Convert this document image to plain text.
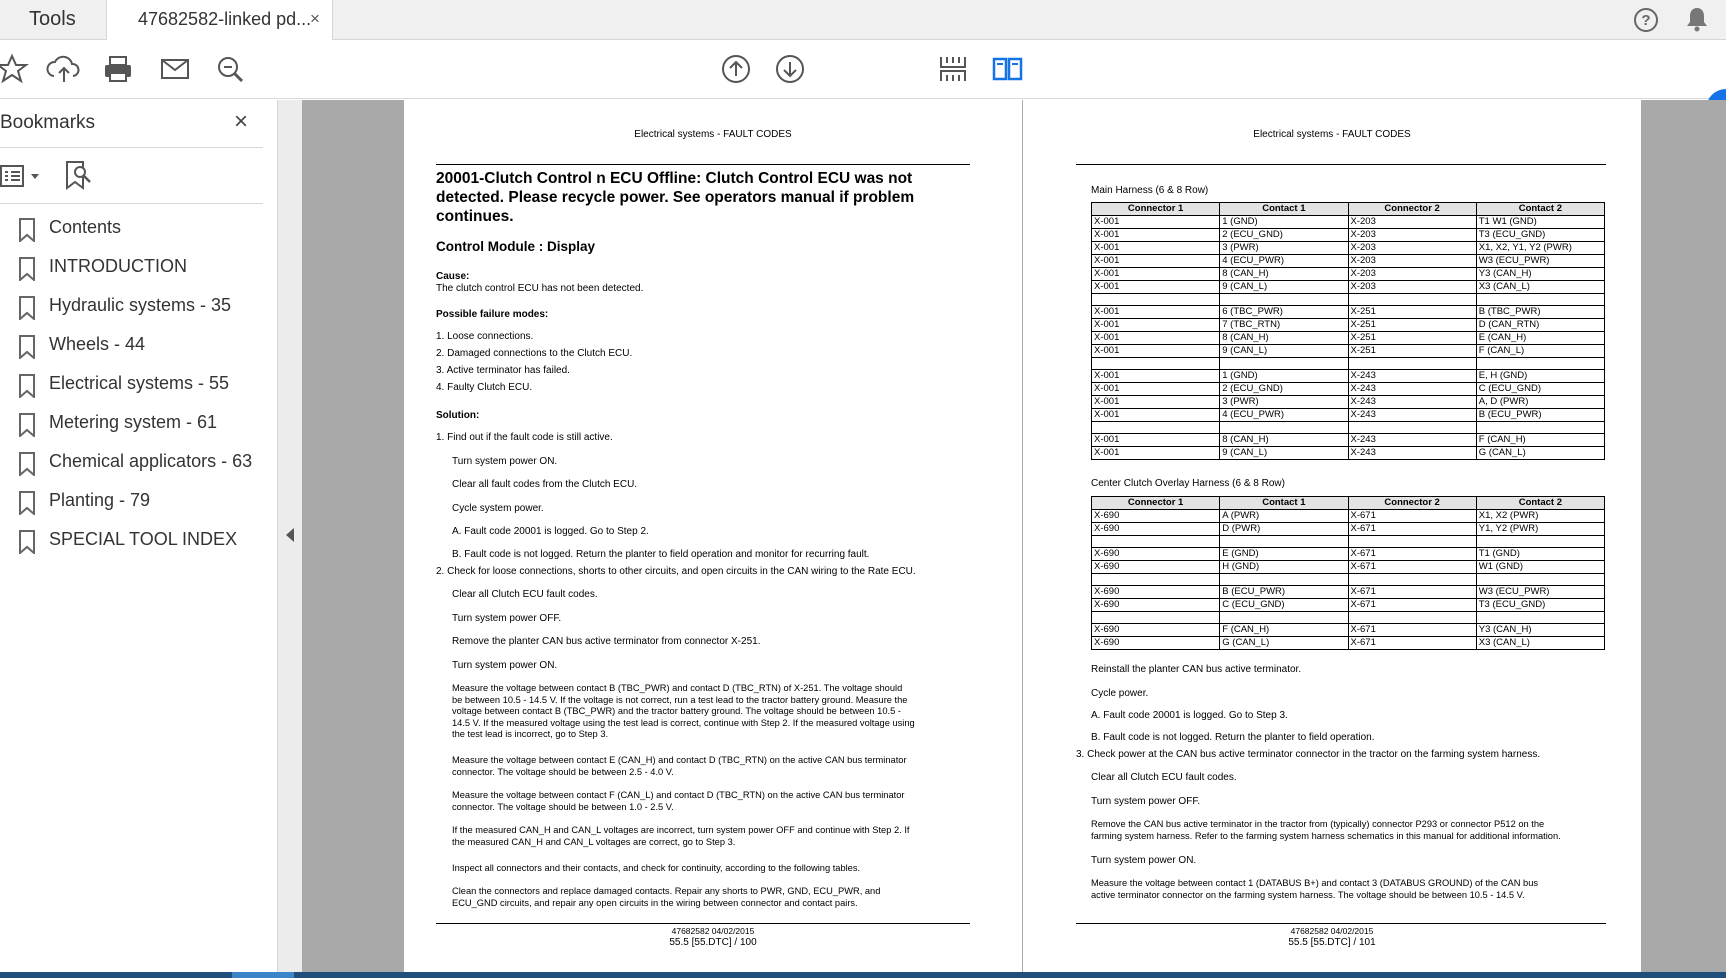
Tools	47682582-linked pd...
×	?
Bookmarks	×
Contents
INTRODUCTION
Hydraulic systems - 35
Wheels - 44
Electrical systems - 55
Metering system - 61
Chemical applicators - 63
Planting - 79
SPECIAL TOOL INDEX
Electrical systems - FAULT CODES
20001-Clutch Control n ECU Offline: Clutch Control ECU was not
detected. Please recycle power. See operators manual if problem
continues.
Control Module : Display
Cause:
The clutch control ECU has not been detected.
Possible failure modes:
1. Loose connections.
2. Damaged connections to the Clutch ECU.
3. Active terminator has failed.
4. Faulty Clutch ECU.
Solution:
1. Find out if the fault code is still active.
Turn system power ON.
Clear all fault codes from the Clutch ECU.
Cycle system power.
A. Fault code 20001 is logged. Go to Step 2.
B. Fault code is not logged. Return the planter to field operation and monitor for recurring fault.
2. Check for loose connections, shorts to other circuits, and open circuits in the CAN wiring to the Rate ECU.
Clear all Clutch ECU fault codes.
Turn system power OFF.
Remove the planter CAN bus active terminator from connector X-251.
Turn system power ON.
Measure the voltage between contact B (TBC_PWR) and contact D (TBC_RTN) of X-251. The voltage should
be between 10.5 - 14.5 V. If the voltage is not correct, run a test lead to the tractor battery ground. Measure the
voltage between contact B (TBC_PWR) and the tractor battery ground. The voltage should be between 10.5 -
14.5 V. If the measured voltage using the test lead is correct, continue with Step 2. If the measured voltage using
the test lead is incorrect, go to Step 3.
Measure the voltage between contact E (CAN_H) and contact D (TBC_RTN) on the active CAN bus terminator
connector. The voltage should be between 2.5 - 4.0 V.
Measure the voltage between contact F (CAN_L) and contact D (TBC_RTN) on the active CAN bus terminator
connector. The voltage should be between 1.0 - 2.5 V.
If the measured CAN_H and CAN_L voltages are incorrect, turn system power OFF and continue with Step 2. If
the measured CAN_H and CAN_L voltages are correct, go to Step 3.
Inspect all connectors and their contacts, and check for continuity, according to the following tables.
Clean the connectors and replace damaged contacts. Repair any shorts to PWR, GND, ECU_PWR, and
ECU_GND circuits, and repair any open circuits in the wiring between connector and contact pairs.
47682582 04/02/2015
55.5 [55.DTC] / 100
Electrical systems - FAULT CODES
Main Harness (6 & 8 Row)
Connector 1	Contact 1	Connector 2	Contact 2
X-001	1 (GND)	X-203	T1 W1 (GND)
X-001	2 (ECU_GND)	X-203	T3 (ECU_GND)
X-001	3 (PWR)	X-203	X1, X2, Y1, Y2 (PWR)
X-001	4 (ECU_PWR)	X-203	W3 (ECU_PWR)
X-001	8 (CAN_H)	X-203	Y3 (CAN_H)
X-001	9 (CAN_L)	X-203	X3 (CAN_L)

X-001	6 (TBC_PWR)	X-251	B (TBC_PWR)
X-001	7 (TBC_RTN)	X-251	D (CAN_RTN)
X-001	8 (CAN_H)	X-251	E (CAN_H)
X-001	9 (CAN_L)	X-251	F (CAN_L)

X-001	1 (GND)	X-243	E, H (GND)
X-001	2 (ECU_GND)	X-243	C (ECU_GND)
X-001	3 (PWR)	X-243	A, D (PWR)
X-001	4 (ECU_PWR)	X-243	B (ECU_PWR)

X-001	8 (CAN_H)	X-243	F (CAN_H)
X-001	9 (CAN_L)	X-243	G (CAN_L)
Center Clutch Overlay Harness (6 & 8 Row)
Connector 1	Contact 1	Connector 2	Contact 2
X-690	A (PWR)	X-671	X1, X2 (PWR)
X-690	D (PWR)	X-671	Y1, Y2 (PWR)

X-690	E (GND)	X-671	T1 (GND)
X-690	H (GND)	X-671	W1 (GND)

X-690	B (ECU_PWR)	X-671	W3 (ECU_PWR)
X-690	C (ECU_GND)	X-671	T3 (ECU_GND)

X-690	F (CAN_H)	X-671	Y3 (CAN_H)
X-690	G (CAN_L)	X-671	X3 (CAN_L)
Reinstall the planter CAN bus active terminator.
Cycle power.
A. Fault code 20001 is logged. Go to Step 3.
B. Fault code is not logged. Return the planter to field operation.
3. Check power at the CAN bus active terminator connector in the tractor on the farming system harness.
Clear all Clutch ECU fault codes.
Turn system power OFF.
Remove the CAN bus active terminator in the tractor from (typically) connector P293 or connector P512 on the
farming system harness. Refer to the farming system harness schematics in this manual for additional information.
Turn system power ON.
Measure the voltage between contact 1 (DATABUS B+) and contact 3 (DATABUS GROUND) of the CAN bus
active terminator connector on the farming system harness. The voltage should be between 10.5 - 14.5 V.
47682582 04/02/2015
55.5 [55.DTC] / 101
